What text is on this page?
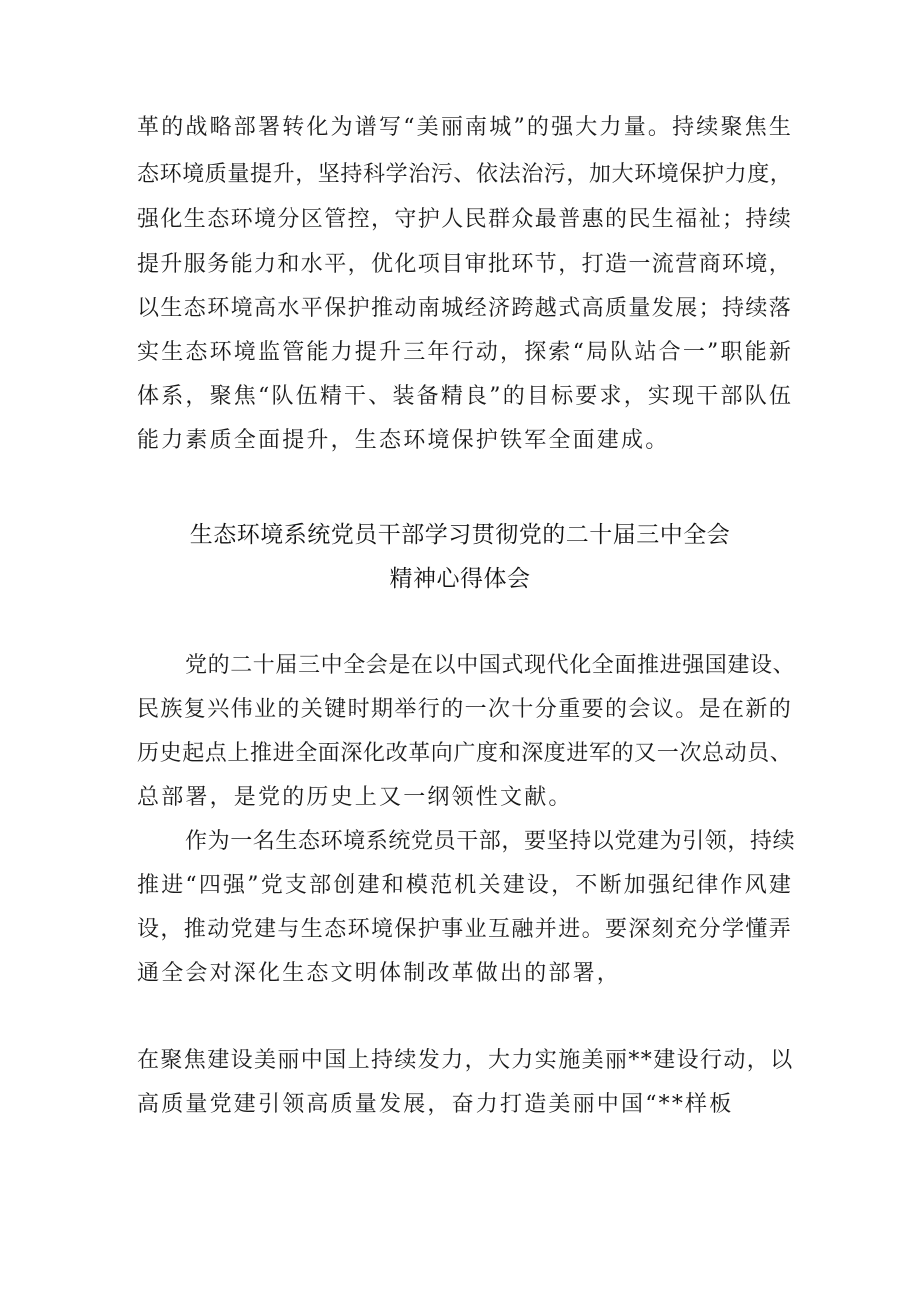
革的战略部署转化为谱写“美丽南城”的强大力量。持续聚焦生
态环境质量提升，坚持科学治污、依法治污，加大环境保护力度，
强化生态环境分区管控，守护人民群众最普惠的民生福祉；持续
提升服务能力和水平，优化项目审批环节，打造一流营商环境，
以生态环境高水平保护推动南城经济跨越式高质量发展；持续落
实生态环境监管能力提升三年行动，探索“局队站合一”职能新
体系，聚焦“队伍精干、装备精良”的目标要求，实现干部队伍
能力素质全面提升，生态环境保护铁军全面建成。
生态环境系统党员干部学习贯彻党的二十届三中全会
精神心得体会
党的二十届三中全会是在以中国式现代化全面推进强国建设、
民族复兴伟业的关键时期举行的一次十分重要的会议。是在新的
历史起点上推进全面深化改革向广度和深度进军的又一次总动员、
总部署，是党的历史上又一纲领性文献。
作为一名生态环境系统党员干部，要坚持以党建为引领，持续
推进“四强”党支部创建和模范机关建设，不断加强纪律作风建
设，推动党建与生态环境保护事业互融并进。要深刻充分学懂弄
通全会对深化生态文明体制改革做出的部署，
在聚焦建设美丽中国上持续发力，大力实施美丽**建设行动，以
高质量党建引领高质量发展，奋力打造美丽中国“**样板
